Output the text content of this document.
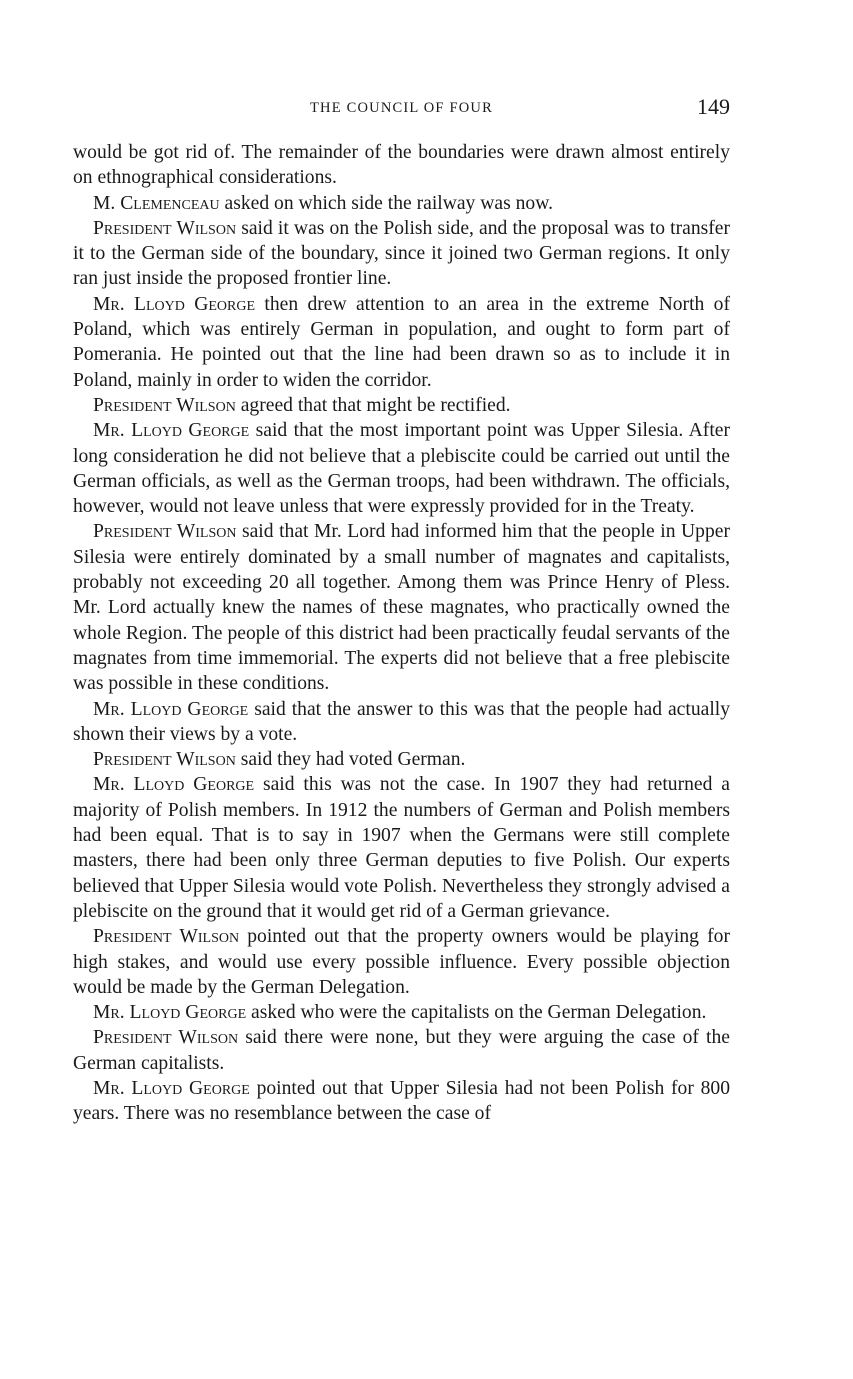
THE COUNCIL OF FOUR	149

would be got rid of. The remainder of the boundaries were drawn almost entirely on ethnographical considerations.

M. Clemenceau asked on which side the railway was now.

President Wilson said it was on the Polish side, and the proposal was to transfer it to the German side of the boundary, since it joined two German regions. It only ran just inside the proposed frontier line.

Mr. Lloyd George then drew attention to an area in the extreme North of Poland, which was entirely German in population, and ought to form part of Pomerania. He pointed out that the line had been drawn so as to include it in Poland, mainly in order to widen the corridor.

President Wilson agreed that that might be rectified.

Mr. Lloyd George said that the most important point was Upper Silesia. After long consideration he did not believe that a plebiscite could be carried out until the German officials, as well as the German troops, had been withdrawn. The officials, however, would not leave unless that were expressly provided for in the Treaty.

President Wilson said that Mr. Lord had informed him that the people in Upper Silesia were entirely dominated by a small number of magnates and capitalists, probably not exceeding 20 all together. Among them was Prince Henry of Pless. Mr. Lord actually knew the names of these magnates, who practically owned the whole Region. The people of this district had been practically feudal servants of the magnates from time immemorial. The experts did not believe that a free plebiscite was possible in these conditions.

Mr. Lloyd George said that the answer to this was that the people had actually shown their views by a vote.

President Wilson said they had voted German.

Mr. Lloyd George said this was not the case. In 1907 they had returned a majority of Polish members. In 1912 the numbers of German and Polish members had been equal. That is to say in 1907 when the Germans were still complete masters, there had been only three German deputies to five Polish. Our experts believed that Upper Silesia would vote Polish. Nevertheless they strongly advised a plebiscite on the ground that it would get rid of a German grievance.

President Wilson pointed out that the property owners would be playing for high stakes, and would use every possible influence. Every possible objection would be made by the German Delegation.

Mr. Lloyd George asked who were the capitalists on the German Delegation.

President Wilson said there were none, but they were arguing the case of the German capitalists.

Mr. Lloyd George pointed out that Upper Silesia had not been Polish for 800 years. There was no resemblance between the case of
